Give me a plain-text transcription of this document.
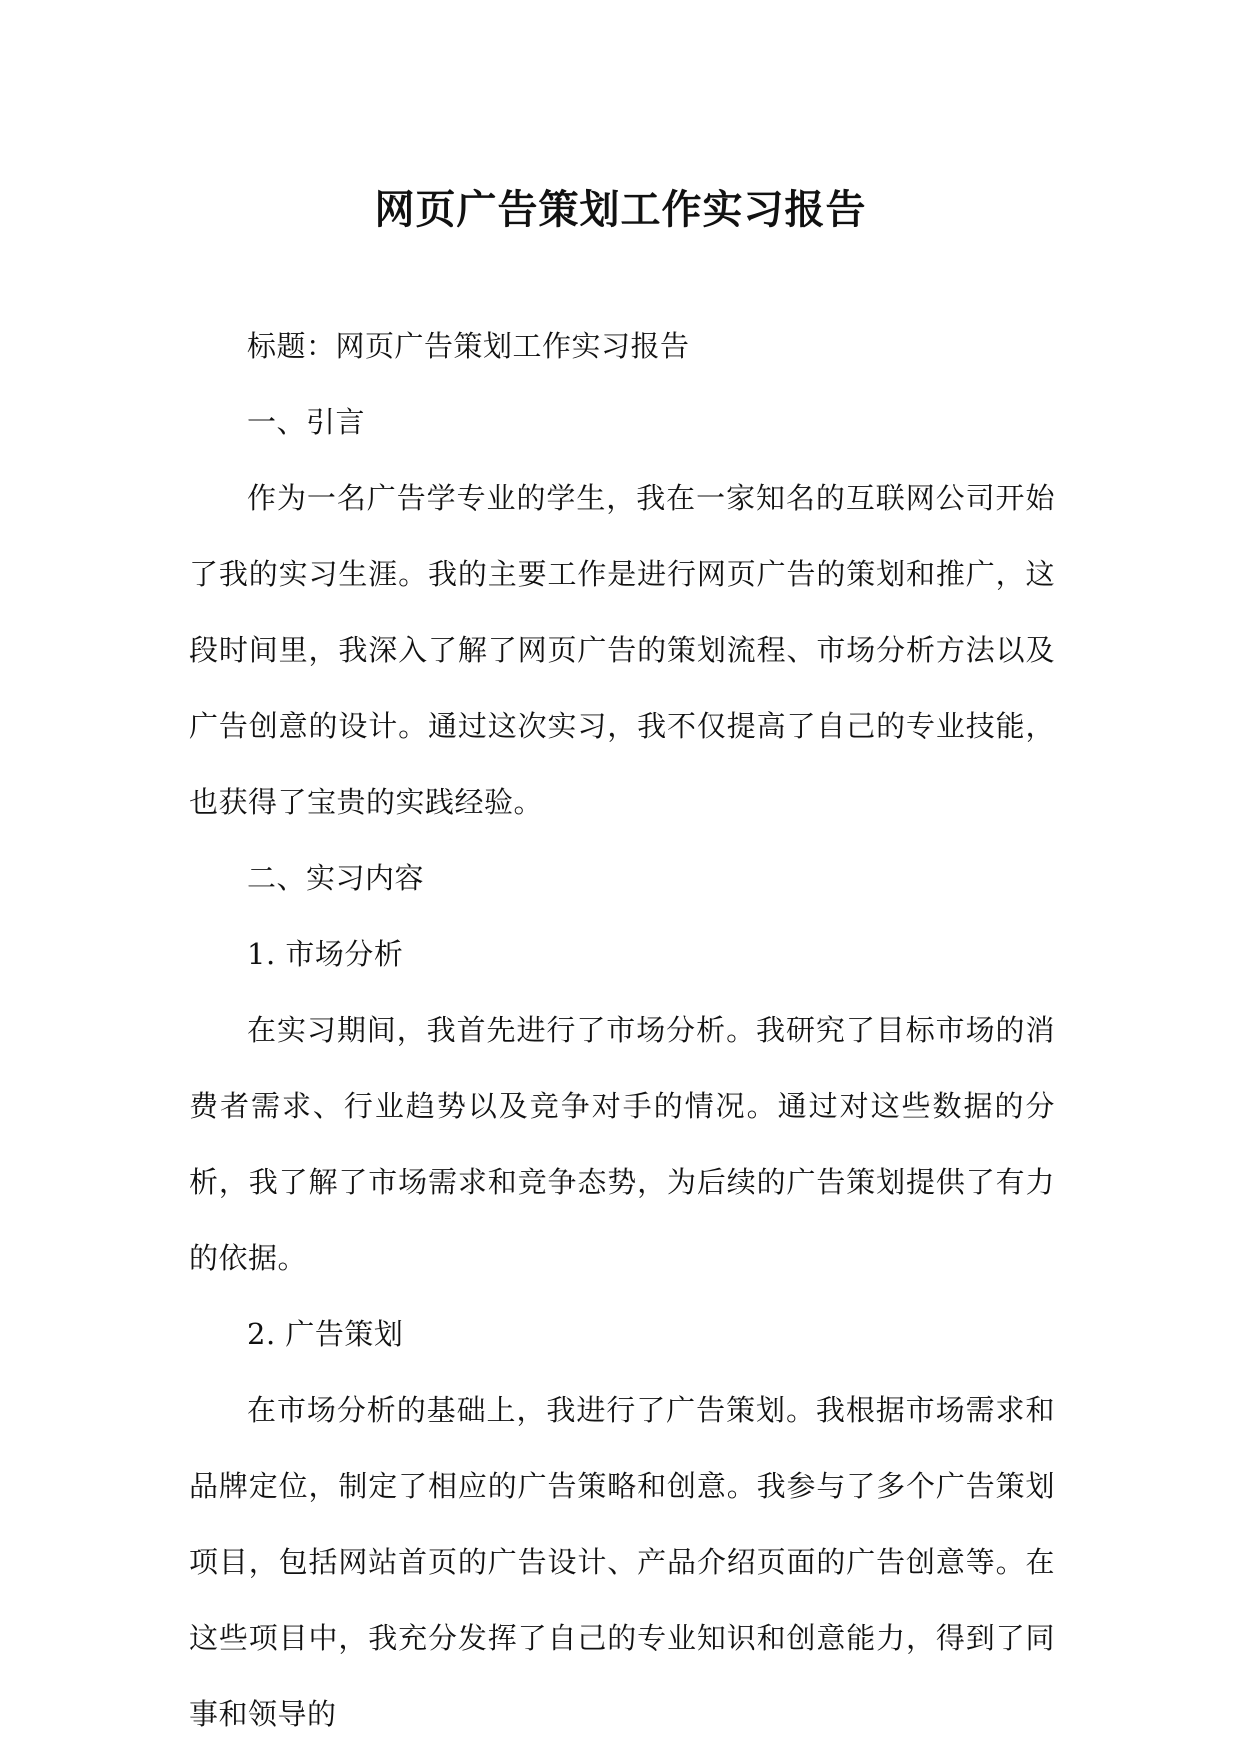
网页广告策划工作实习报告

标题：网页广告策划工作实习报告

一、引言

作为一名广告学专业的学生，我在一家知名的互联网公司开始了我的实习生涯。我的主要工作是进行网页广告的策划和推广，这段时间里，我深入了解了网页广告的策划流程、市场分析方法以及广告创意的设计。通过这次实习，我不仅提高了自己的专业技能，也获得了宝贵的实践经验。

二、实习内容

1. 市场分析

在实习期间，我首先进行了市场分析。我研究了目标市场的消费者需求、行业趋势以及竞争对手的情况。通过对这些数据的分析，我了解了市场需求和竞争态势，为后续的广告策划提供了有力的依据。

2. 广告策划

在市场分析的基础上，我进行了广告策划。我根据市场需求和品牌定位，制定了相应的广告策略和创意。我参与了多个广告策划项目，包括网站首页的广告设计、产品介绍页面的广告创意等。在这些项目中，我充分发挥了自己的专业知识和创意能力，得到了同事和领导的
